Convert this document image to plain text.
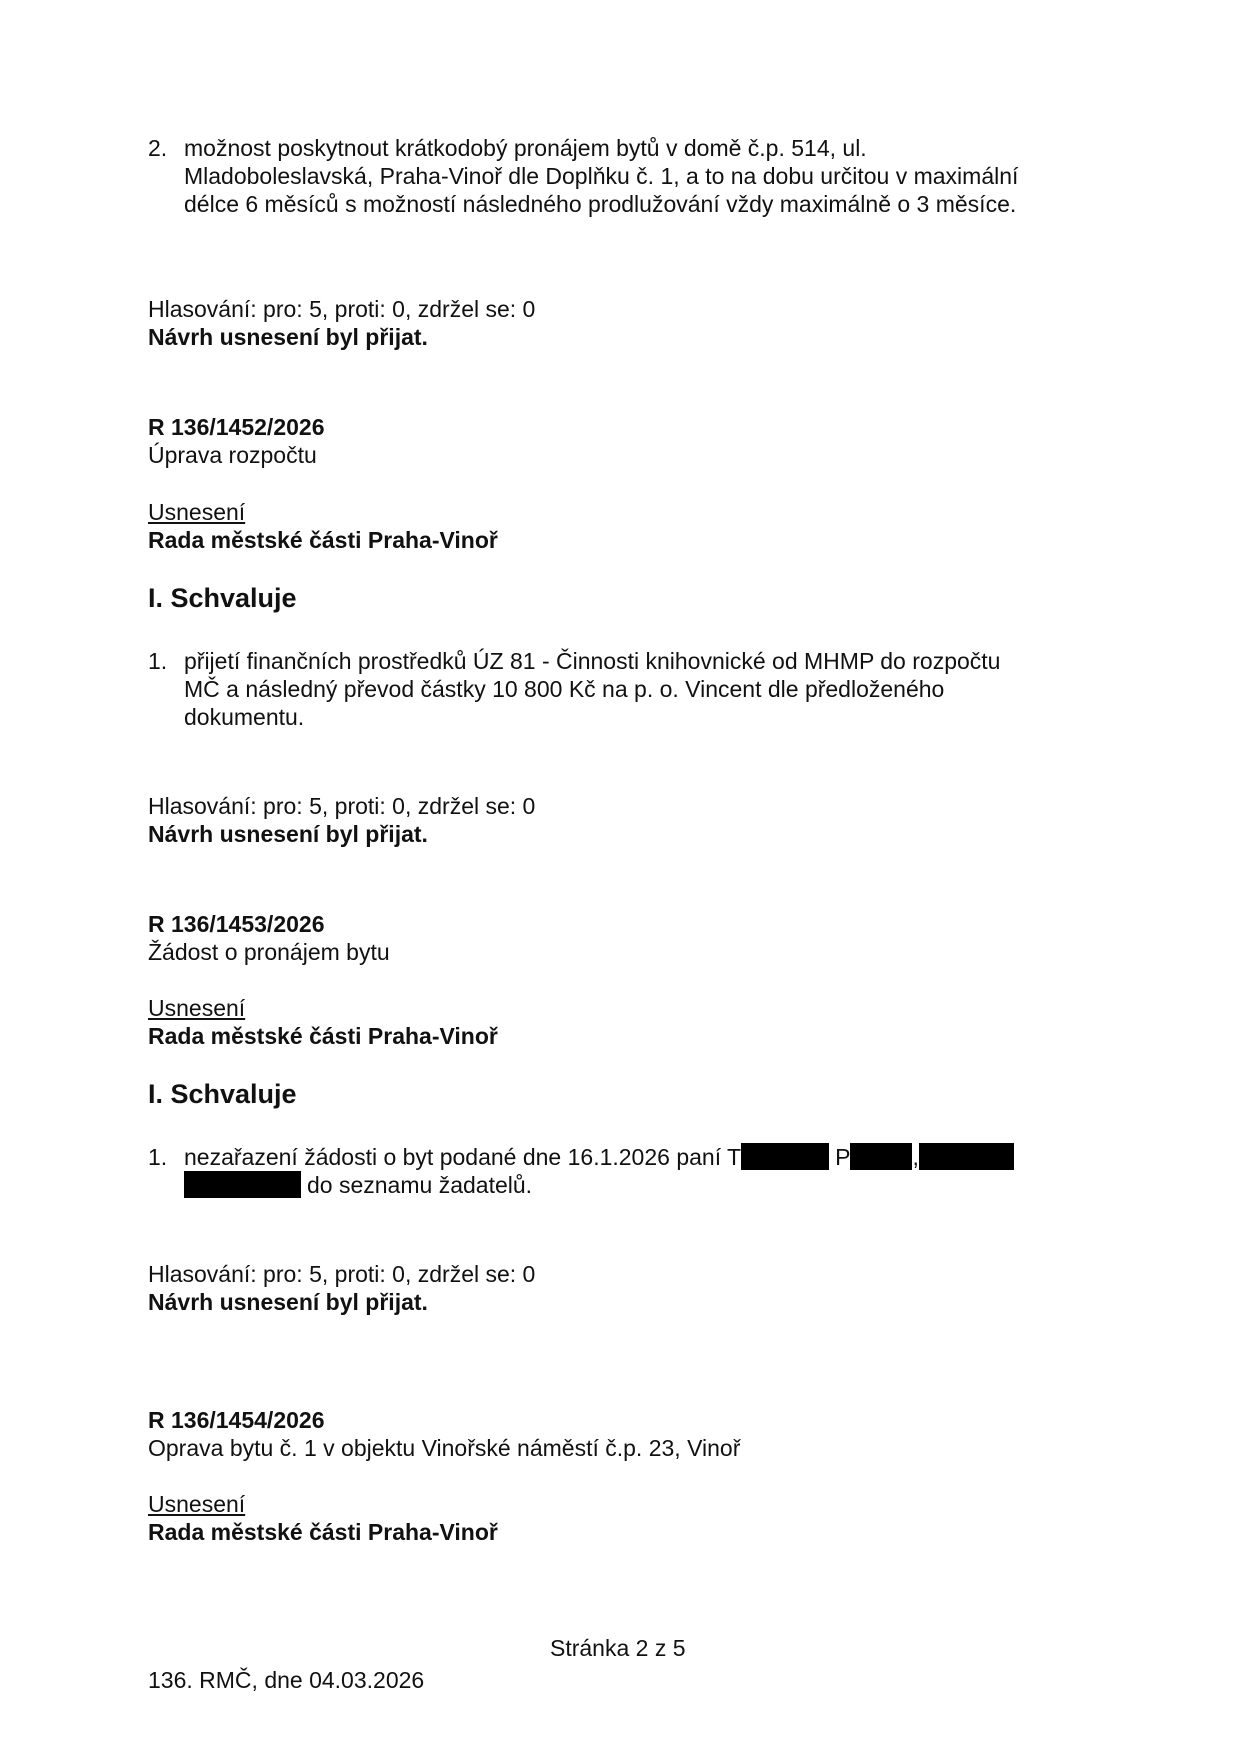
2. možnost poskytnout krátkodobý pronájem bytů v domě č.p. 514, ul.
Mladoboleslavská, Praha-Vinoř dle Doplňku č. 1, a to na dobu určitou v maximální
délce 6 měsíců s možností následného prodlužování vždy maximálně o 3 měsíce.
Hlasování: pro: 5, proti: 0, zdržel se: 0
Návrh usnesení byl přijat.
R 136/1452/2026
Úprava rozpočtu
Usnesení
Rada městské části Praha-Vinoř
I. Schvaluje
1. přijetí finančních prostředků ÚZ 81 - Činnosti knihovnické od MHMP do rozpočtu
MČ a následný převod částky 10 800 Kč na p. o. Vincent dle předloženého
dokumentu.
Hlasování: pro: 5, proti: 0, zdržel se: 0
Návrh usnesení byl přijat.
R 136/1453/2026
Žádost o pronájem bytu
Usnesení
Rada městské části Praha-Vinoř
I. Schvaluje
1. nezařazení žádosti o byt podané dne 16.1.2026 paní T	P	,
do seznamu žadatelů.
Hlasování: pro: 5, proti: 0, zdržel se: 0
Návrh usnesení byl přijat.
R 136/1454/2026
Oprava bytu č. 1 v objektu Vinořské náměstí č.p. 23, Vinoř
Usnesení
Rada městské části Praha-Vinoř
Stránka 2 z 5
136. RMČ, dne 04.03.2026
